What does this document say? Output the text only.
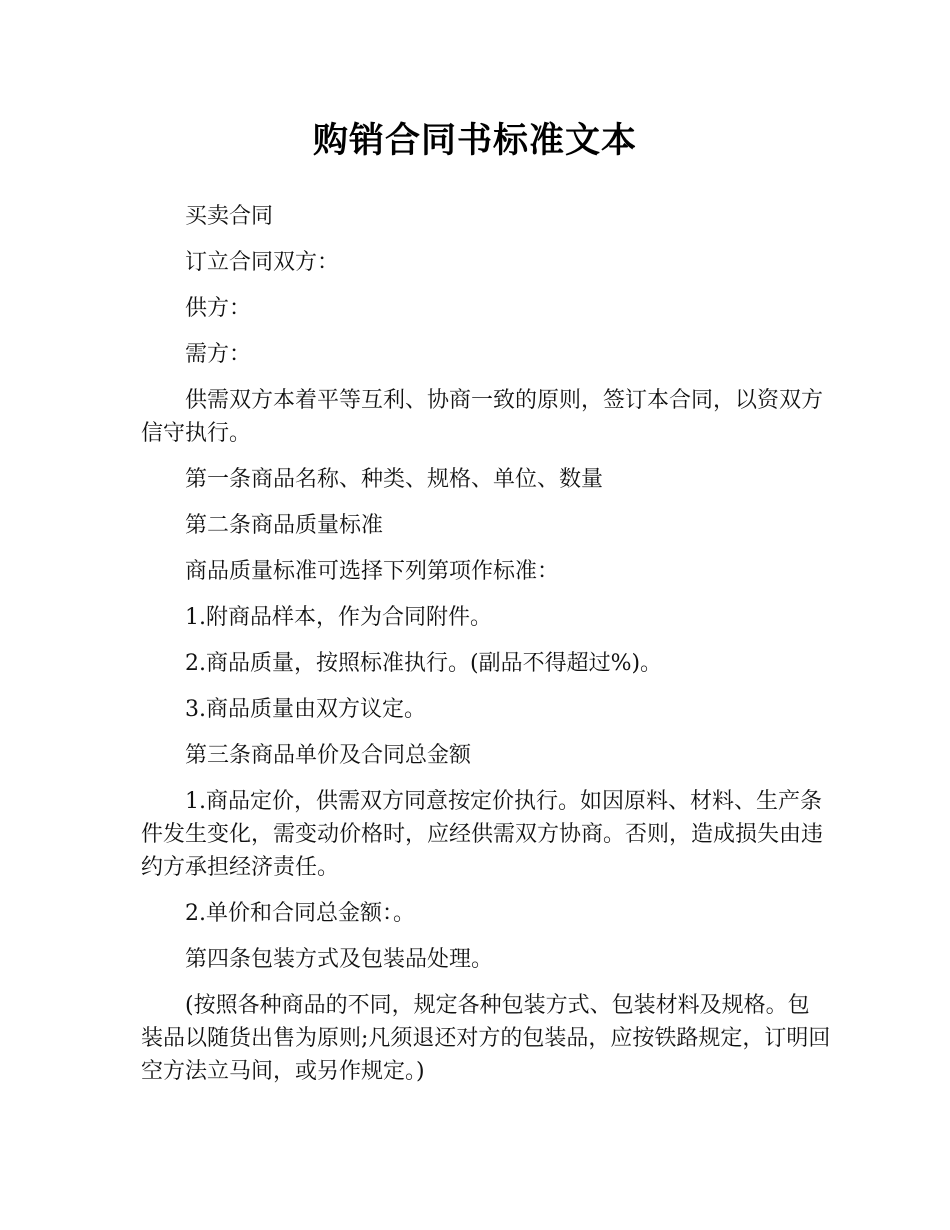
购销合同书标准文本

买卖合同

订立合同双方：

供方：

需方：

供需双方本着平等互利、协商一致的原则，签订本合同，以资双方信守执行。

第一条商品名称、种类、规格、单位、数量

第二条商品质量标准

商品质量标准可选择下列第项作标准：

1.附商品样本，作为合同附件。

2.商品质量，按照标准执行。(副品不得超过%)。

3.商品质量由双方议定。

第三条商品单价及合同总金额

1.商品定价，供需双方同意按定价执行。如因原料、材料、生产条件发生变化，需变动价格时，应经供需双方协商。否则，造成损失由违约方承担经济责任。

2.单价和合同总金额：。

第四条包装方式及包装品处理。

(按照各种商品的不同，规定各种包装方式、包装材料及规格。包装品以随货出售为原则;凡须退还对方的包装品，应按铁路规定，订明回空方法立马间，或另作规定。)
